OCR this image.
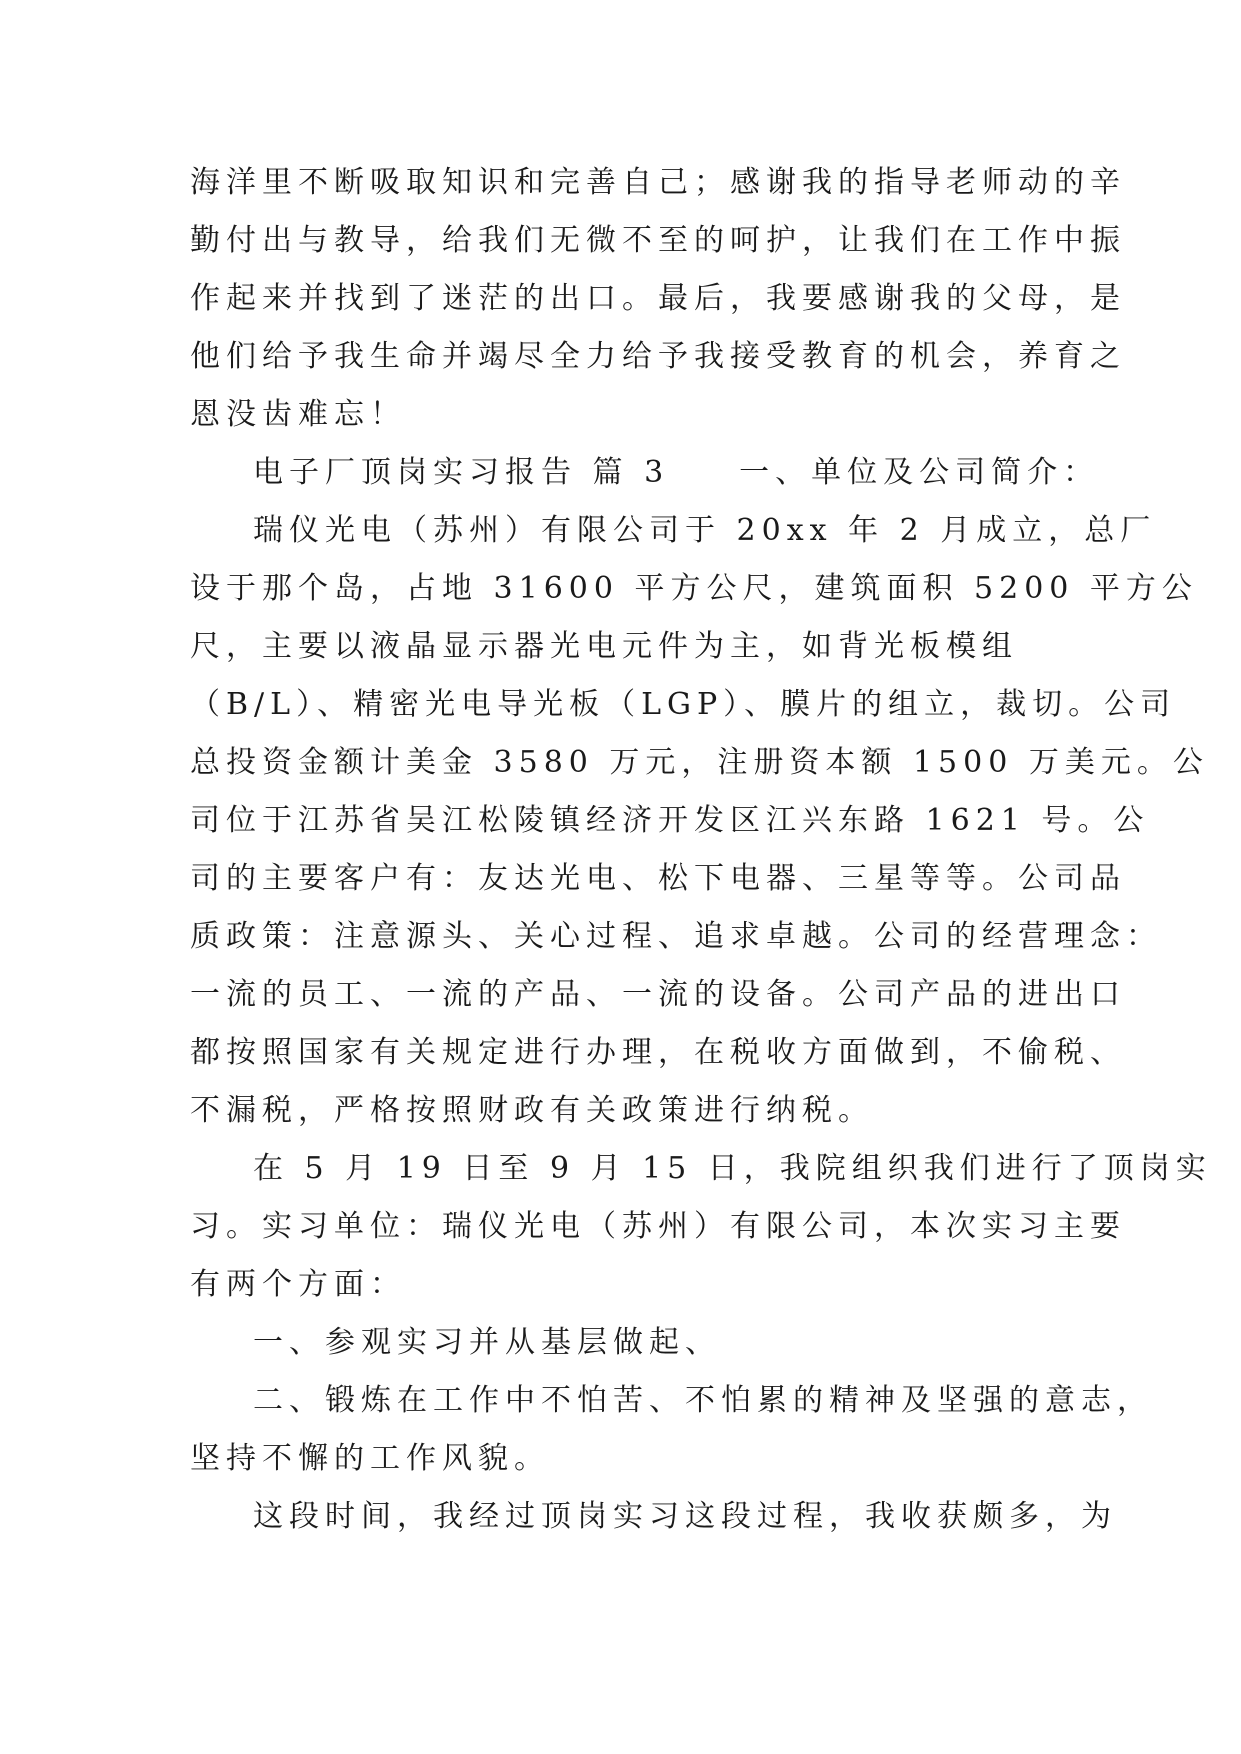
海洋里不断吸取知识和完善自己；感谢我的指导老师动的辛
勤付出与教导，给我们无微不至的呵护，让我们在工作中振
作起来并找到了迷茫的出口。最后，我要感谢我的父母，是
他们给予我生命并竭尽全力给予我接受教育的机会，养育之
恩没齿难忘！
电子厂顶岗实习报告 篇 3 一、单位及公司简介：
瑞仪光电（苏州）有限公司于 20xx 年 2 月成立，总厂
设于那个岛，占地 31600 平方公尺，建筑面积 5200 平方公
尺，主要以液晶显示器光电元件为主，如背光板模组
（B/L）、精密光电导光板（LGP）、膜片的组立，裁切。公司
总投资金额计美金 3580 万元，注册资本额 1500 万美元。公
司位于江苏省吴江松陵镇经济开发区江兴东路 1621 号。公
司的主要客户有：友达光电、松下电器、三星等等。公司品
质政策：注意源头、关心过程、追求卓越。公司的经营理念：
一流的员工、一流的产品、一流的设备。公司产品的进出口
都按照国家有关规定进行办理，在税收方面做到，不偷税、
不漏税，严格按照财政有关政策进行纳税。
在 5 月 19 日至 9 月 15 日，我院组织我们进行了顶岗实
习。实习单位：瑞仪光电（苏州）有限公司，本次实习主要
有两个方面：
一、参观实习并从基层做起、
二、锻炼在工作中不怕苦、不怕累的精神及坚强的意志，
坚持不懈的工作风貌。
这段时间，我经过顶岗实习这段过程，我收获颇多，为
